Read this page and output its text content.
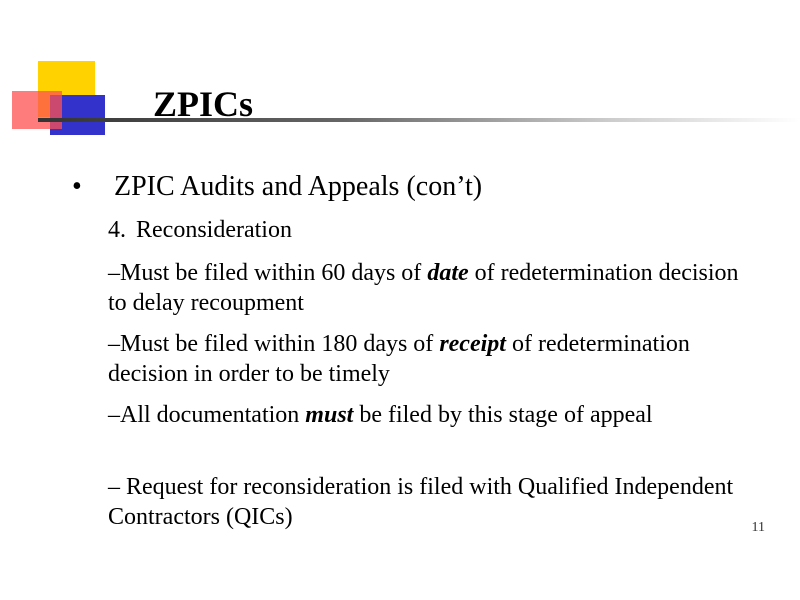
ZPICs
• ZPIC Audits and Appeals (con’t)
4. Reconsideration
–Must be filed within 60 days of date of redetermination decision to delay recoupment
–Must be filed within 180 days of receipt of redetermination decision in order to be timely
–All documentation must be filed by this stage of appeal
– Request for reconsideration is filed with Qualified Independent Contractors (QICs)	11
